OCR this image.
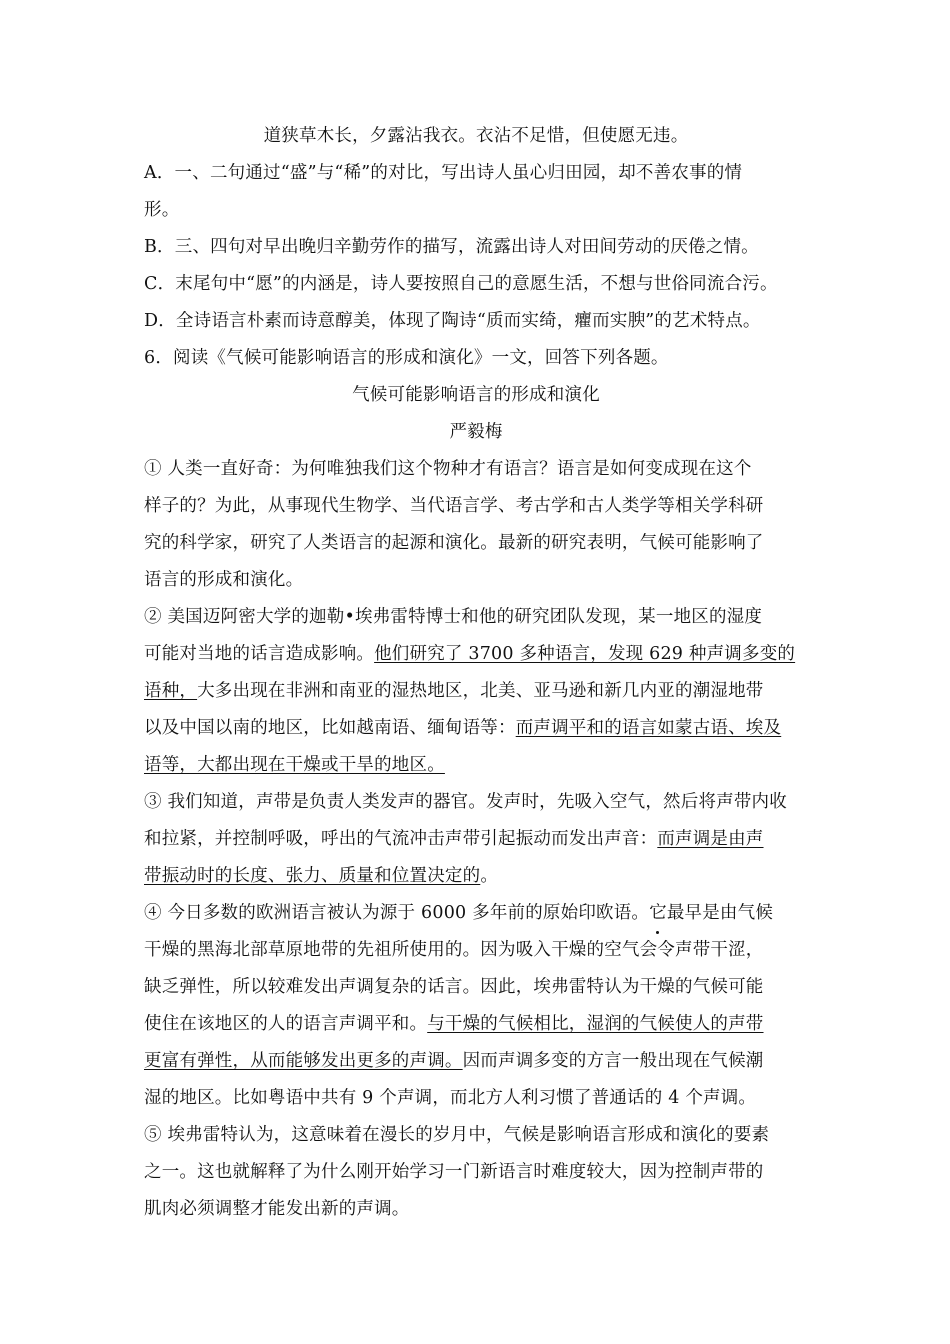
道狭草木长，夕露沾我衣。衣沾不足惜，但使愿无违。

A．一、二句通过“盛”与“稀”的对比，写出诗人虽心归田园，却不善农事的情

形。

B．三、四句对早出晚归辛勤劳作的描写，流露出诗人对田间劳动的厌倦之情。

C．末尾句中“愿”的内涵是，诗人要按照自己的意愿生活，不想与世俗同流合污。

D．全诗语言朴素而诗意醇美，体现了陶诗“质而实绮，癯而实腴”的艺术特点。

6．阅读《气候可能影响语言的形成和演化》一文，回答下列各题。

气候可能影响语言的形成和演化

严毅梅

① 人类一直好奇：为何唯独我们这个物种才有语言？语言是如何变成现在这个

样子的？为此，从事现代生物学、当代语言学、考古学和古人类学等相关学科研

究的科学家，研究了人类语言的起源和演化。最新的研究表明，气候可能影响了

语言的形成和演化。

② 美国迈阿密大学的迦勒•埃弗雷特博士和他的研究团队发现，某一地区的湿度

可能对当地的话言造成影响。他们研究了 3700 多种语言，发现 629 种声调多变的

语种，大多出现在非洲和南亚的湿热地区，北美、亚马逊和新几内亚的潮湿地带

以及中国以南的地区，比如越南语、缅甸语等：而声调平和的语言如蒙古语、埃及

语等，大都出现在干燥或干旱的地区。

③ 我们知道，声带是负责人类发声的器官。发声时，先吸入空气，然后将声带内收

和拉紧，并控制呼吸，呼出的气流冲击声带引起振动而发出声音：而声调是由声

带振动时的长度、张力、质量和位置决定的。

④ 今日多数的欧洲语言被认为源于 6000 多年前的原始印欧语。它最早是由气候

干燥的黑海北部草原地带的先祖所使用的。因为吸入干燥的空气会令声带干涩，

缺乏弹性，所以较难发出声调复杂的话言。因此，埃弗雷特认为干燥的气候可能

使住在该地区的人的语言声调平和。与干燥的气候相比，湿润的气候使人的声带

更富有弹性，从而能够发出更多的声调。因而声调多变的方言一般出现在气候潮

湿的地区。比如粤语中共有 9 个声调，而北方人利习惯了普通话的 4 个声调。

⑤ 埃弗雷特认为，这意味着在漫长的岁月中，气候是影响语言形成和演化的要素

之一。这也就解释了为什么刚开始学习一门新语言时难度较大，因为控制声带的

肌肉必须调整才能发出新的声调。
